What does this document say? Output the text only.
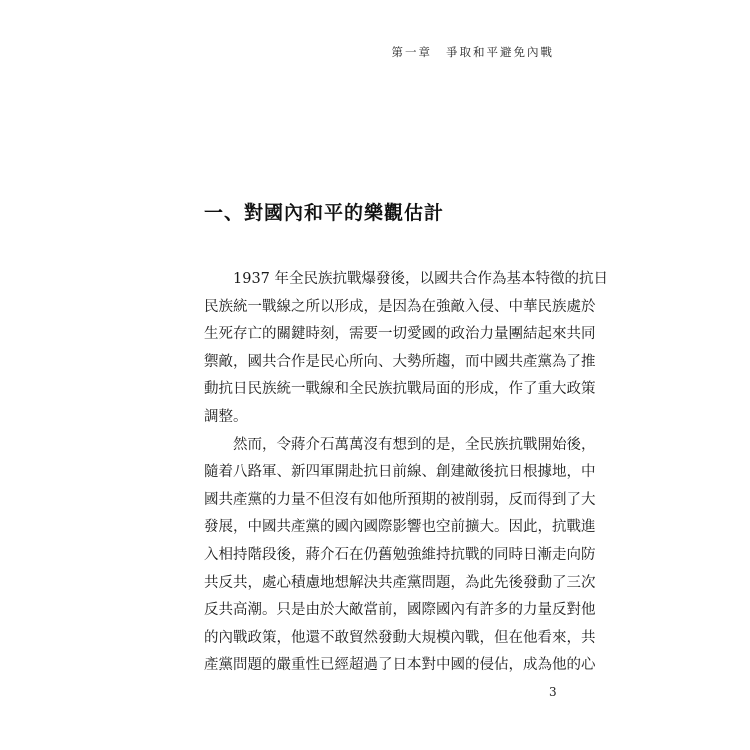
第一章 爭取和平避免內戰
一、對國內和平的樂觀估計
1937 年全民族抗戰爆發後，以國共合作為基本特徵的抗日
民族統一戰線之所以形成，是因為在強敵入侵、中華民族處於
生死存亡的關鍵時刻，需要一切愛國的政治力量團結起來共同
禦敵，國共合作是民心所向、大勢所趨，而中國共產黨為了推
動抗日民族統一戰線和全民族抗戰局面的形成，作了重大政策
調整。
然而，令蔣介石萬萬沒有想到的是，全民族抗戰開始後，
隨着八路軍、新四軍開赴抗日前線、創建敵後抗日根據地，中
國共產黨的力量不但沒有如他所預期的被削弱，反而得到了大
發展，中國共產黨的國內國際影響也空前擴大。因此，抗戰進
入相持階段後，蔣介石在仍舊勉強維持抗戰的同時日漸走向防
共反共，處心積慮地想解決共產黨問題，為此先後發動了三次
反共高潮。只是由於大敵當前，國際國內有許多的力量反對他
的內戰政策，他還不敢貿然發動大規模內戰，但在他看來，共
產黨問題的嚴重性已經超過了日本對中國的侵佔，成為他的心
3
